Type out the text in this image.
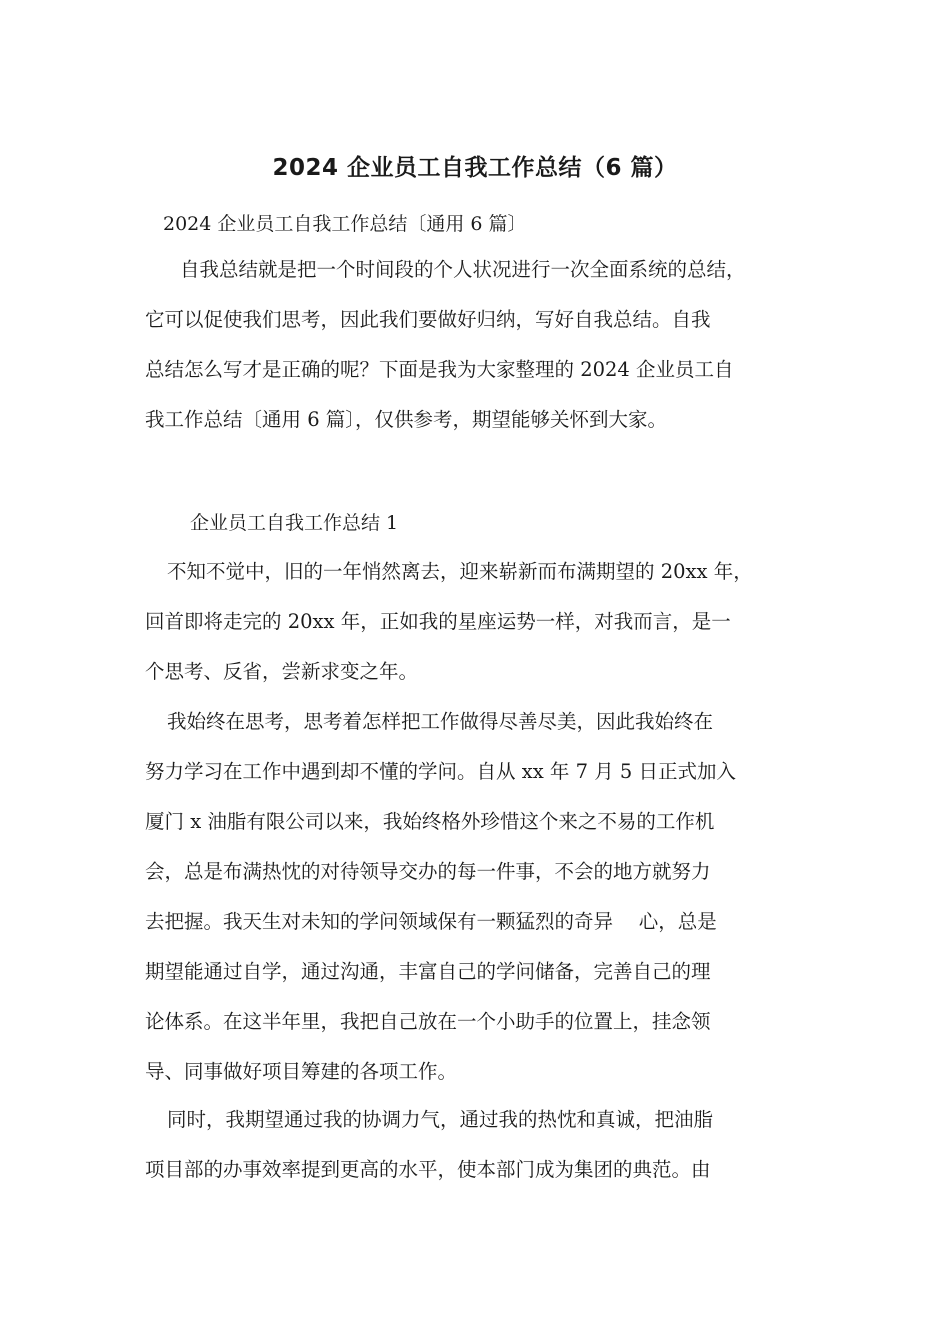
2024 企业员工自我工作总结（6 篇）
2024 企业员工自我工作总结〔通用 6 篇〕
自我总结就是把一个时间段的个人状况进行一次全面系统的总结，
它可以促使我们思考，因此我们要做好归纳，写好自我总结。自我
总结怎么写才是正确的呢？下面是我为大家整理的 2024 企业员工自
我工作总结〔通用 6 篇〕，仅供参考，期望能够关怀到大家。
企业员工自我工作总结 1
不知不觉中，旧的一年悄然离去，迎来崭新而布满期望的 20xx 年，
回首即将走完的 20xx 年，正如我的星座运势一样，对我而言，是一
个思考、反省，尝新求变之年。
我始终在思考，思考着怎样把工作做得尽善尽美，因此我始终在
努力学习在工作中遇到却不懂的学问。自从 xx 年 7 月 5 日正式加入
厦门 x 油脂有限公司以来，我始终格外珍惜这个来之不易的工作机
会，总是布满热忱的对待领导交办的每一件事，不会的地方就努力
去把握。我天生对未知的学问领域保有一颗猛烈的奇异　 心，总是
期望能通过自学，通过沟通，丰富自己的学问储备，完善自己的理
论体系。在这半年里，我把自己放在一个小助手的位置上，挂念领
导、同事做好项目筹建的各项工作。
同时，我期望通过我的协调力气，通过我的热忱和真诚，把油脂
项目部的办事效率提到更高的水平，使本部门成为集团的典范。由
